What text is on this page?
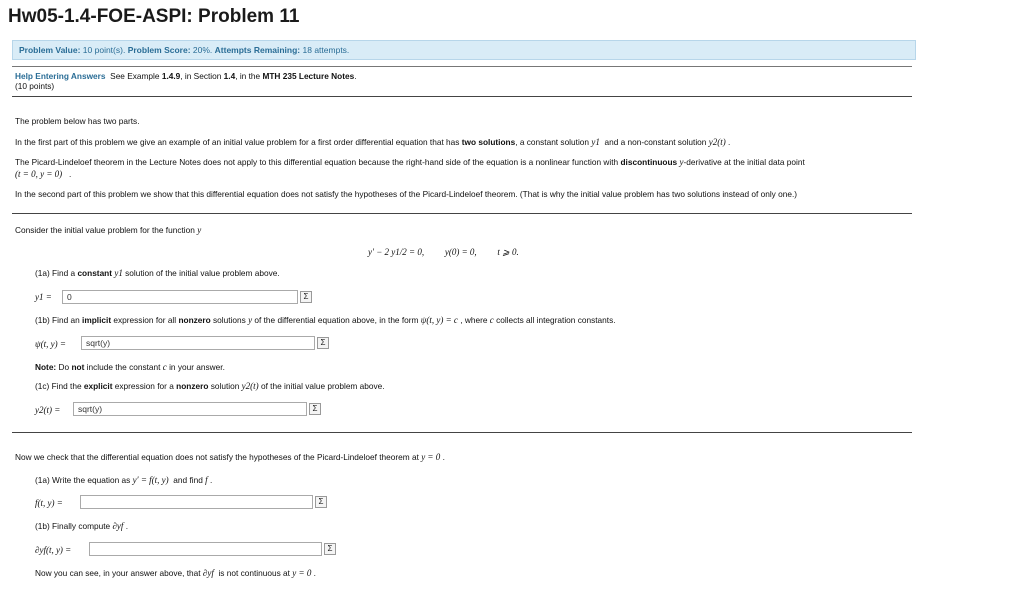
Hw05-1.4-FOE-ASPI: Problem 11
Problem Value: 10 point(s). Problem Score: 20%. Attempts Remaining: 18 attempts.
Help Entering Answers See Example 1.4.9, in Section 1.4, in the MTH 235 Lecture Notes.
(10 points)
The problem below has two parts.
In the first part of this problem we give an example of an initial value problem for a first order differential equation that has two solutions, a constant solution y1 and a non-constant solution y2(t) .
The Picard-Lindeloef theorem in the Lecture Notes does not apply to this differential equation because the right-hand side of the equation is a nonlinear function with discontinuous y-derivative at the initial data point
(t = 0, y = 0)   .
In the second part of this problem we show that this differential equation does not satisfy the hypotheses of the Picard-Lindeloef theorem. (That is why the initial value problem has two solutions instead of only one.)
Consider the initial value problem for the function y
y′ − 2 y1/2 = 0, y(0) = 0, t ⩾ 0.
(1a) Find a constant y1 solution of the initial value problem above.
y1 =	0	Σ
(1b) Find an implicit expression for all nonzero solutions y of the differential equation above, in the form ψ(t, y) = c , where c collects all integration constants.
ψ(t, y) =	sqrt(y)	Σ
Note: Do not include the constant c in your answer.
(1c) Find the explicit expression for a nonzero solution y2(t) of the initial value problem above.
y2(t) =	sqrt(y)	Σ
Now we check that the differential equation does not satisfy the hypotheses of the Picard-Lindeloef theorem at y = 0 .
(1a) Write the equation as y′ = f(t, y) and find f .
f(t, y) =	Σ
(1b) Finally compute ∂yf .
∂yf(t, y) =	Σ
Now you can see, in your answer above, that ∂yf is not continuous at y = 0 .
